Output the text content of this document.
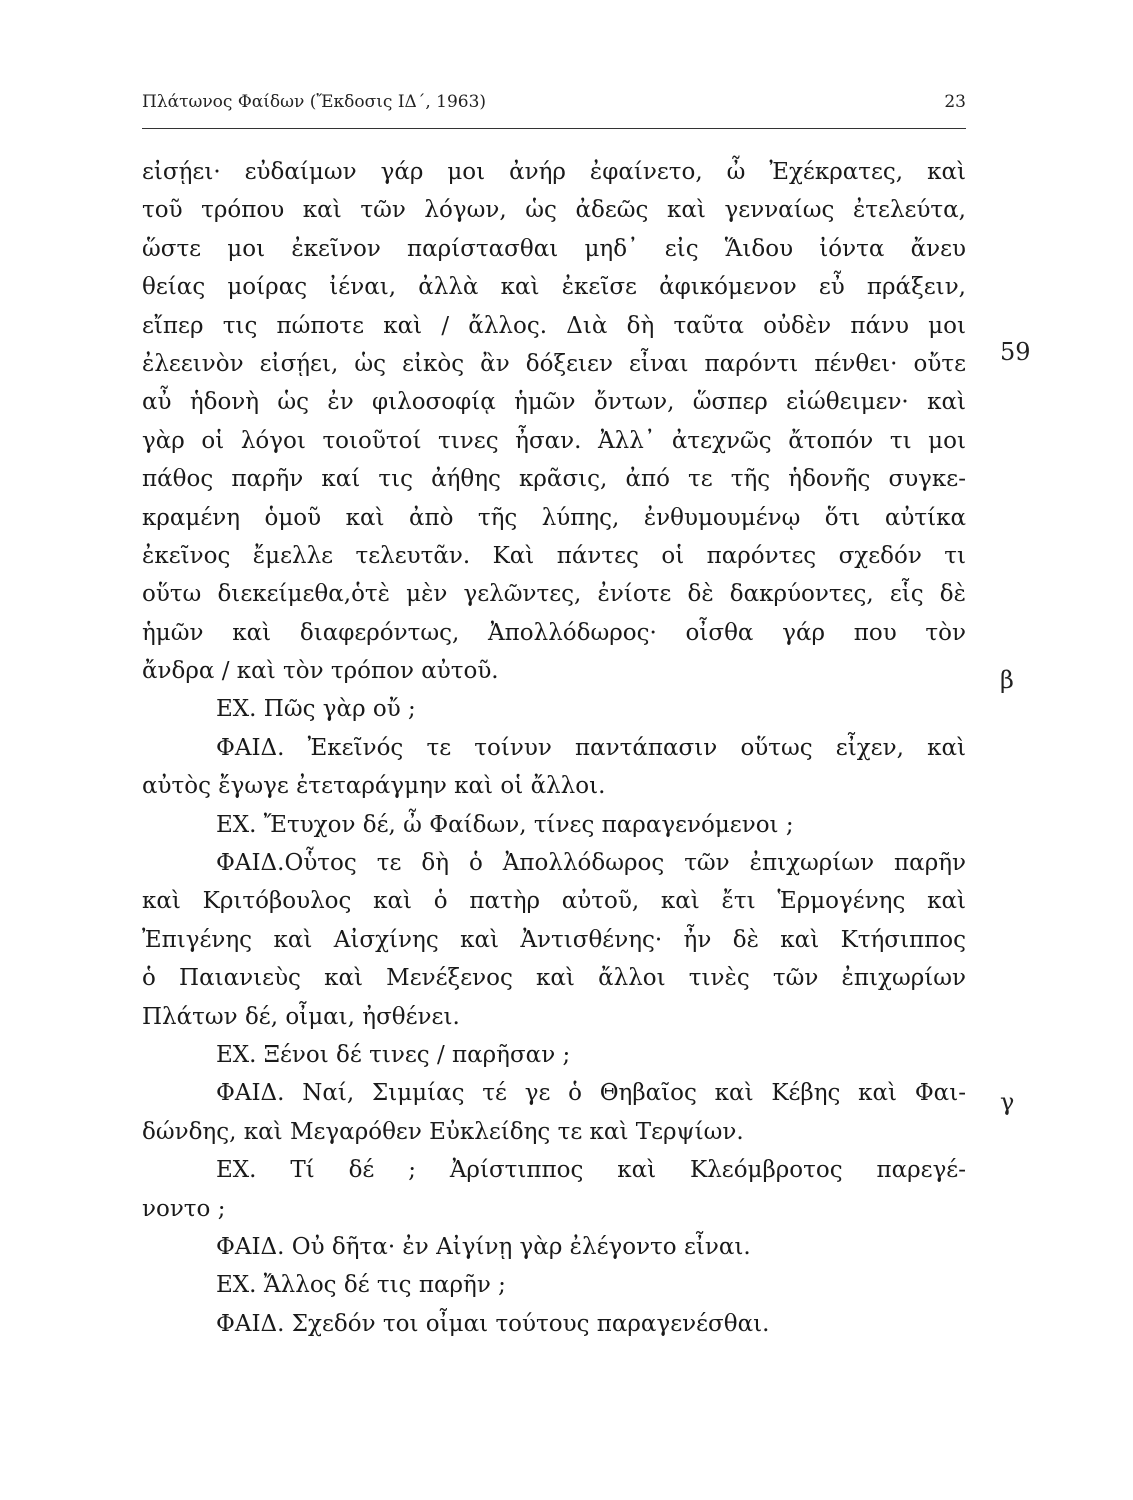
Πλάτωνος Φαίδων (Ἔκδοσις ΙΔ΄, 1963)	23
εἰσῄει· εὐδαίμων γάρ μοι ἀνήρ ἐφαίνετο, ὦ Ἐχέκρατες, καὶ
τοῦ τρόπου καὶ τῶν λόγων, ὡς ἀδεῶς καὶ γενναίως ἐτελεύτα,
ὥστε μοι ἐκεῖνον παρίστασθαι μηδ᾽ εἰς Ἅιδου ἰόντα ἄνευ
θείας μοίρας ἰέναι, ἀλλὰ καὶ ἐκεῖσε ἀφικόμενον εὖ πράξειν,
εἴπερ τις πώποτε καὶ / ἄλλος. Διὰ δὴ ταῦτα οὐδὲν πάνυ μοι
ἐλεεινὸν εἰσῄει, ὡς εἰκὸς ἂν δόξειεν εἶναι παρόντι πένθει· οὔτε
αὖ ἡδονὴ ὡς ἐν φιλοσοφίᾳ ἡμῶν ὄντων, ὥσπερ εἰώθειμεν· καὶ
γὰρ οἱ λόγοι τοιοῦτοί τινες ἦσαν. Ἀλλ᾽ ἀτεχνῶς ἄτοπόν τι μοι
πάθος παρῆν καί τις ἀήθης κρᾶσις, ἀπό τε τῆς ἡδονῆς συγκε-
κραμένη ὁμοῦ καὶ ἀπὸ τῆς λύπης, ἐνθυμουμένῳ ὅτι αὐτίκα
ἐκεῖνος ἔμελλε τελευτᾶν. Καὶ πάντες οἱ παρόντες σχεδόν τι
οὕτω διεκείμεθα,ὁτὲ μὲν γελῶντες, ἐνίοτε δὲ δακρύοντες, εἷς δὲ
ἡμῶν καὶ διαφερόντως, Ἀπολλόδωρος· οἶσθα γάρ που τὸν
ἄνδρα / καὶ τὸν τρόπον αὐτοῦ.
ΕΧ. Πῶς γὰρ οὔ ;
ΦΑΙΔ. Ἐκεῖνός τε τοίνυν παντάπασιν οὕτως εἶχεν, καὶ
αὐτὸς ἔγωγε ἐτεταράγμην καὶ οἱ ἄλλοι.
ΕΧ. Ἔτυχον δέ, ὦ Φαίδων, τίνες παραγενόμενοι ;
ΦΑΙΔ.Οὗτος τε δὴ ὁ Ἀπολλόδωρος τῶν ἐπιχωρίων παρῆν
καὶ Κριτόβουλος καὶ ὁ πατὴρ αὐτοῦ, καὶ ἔτι Ἑρμογένης καὶ
Ἐπιγένης καὶ Αἰσχίνης καὶ Ἀντισθένης· ἦν δὲ καὶ Κτήσιππος
ὁ Παιανιεὺς καὶ Μενέξενος καὶ ἄλλοι τινὲς τῶν ἐπιχωρίων
Πλάτων δέ, οἶμαι, ἠσθένει.
ΕΧ. Ξένοι δέ τινες / παρῆσαν ;
ΦΑΙΔ. Ναί, Σιμμίας τέ γε ὁ Θηβαῖος καὶ Κέβης καὶ Φαι-
δώνδης, καὶ Μεγαρόθεν Εὐκλείδης τε καὶ Τερψίων.
ΕΧ. Τί δέ ; Ἀρίστιππος καὶ Κλεόμβροτος παρεγέ-
νοντο ;
ΦΑΙΔ. Οὐ δῆτα· ἐν Αἰγίνῃ γὰρ ἐλέγοντο εἶναι.
ΕΧ. Ἄλλος δέ τις παρῆν ;
ΦΑΙΔ. Σχεδόν τοι οἶμαι τούτους παραγενέσθαι.
59
β
γ
